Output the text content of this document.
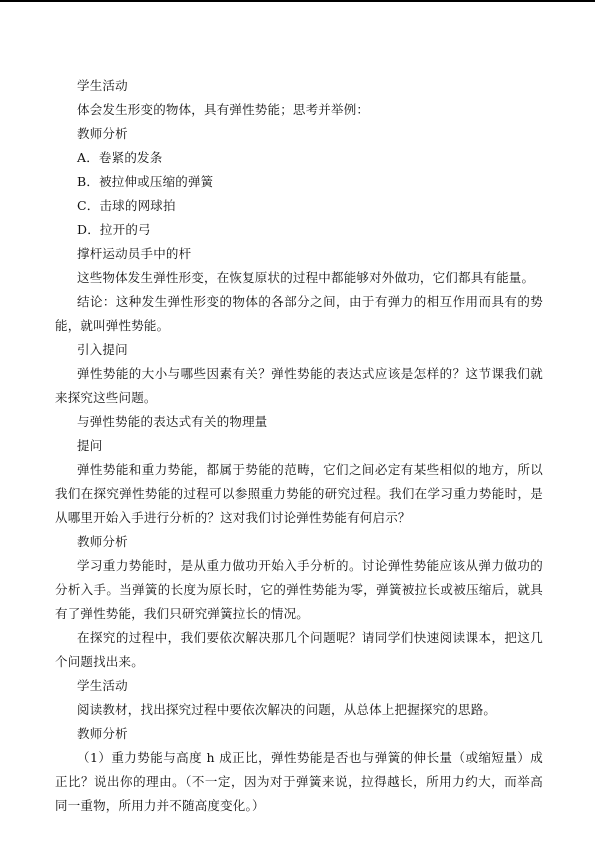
学生活动

体会发生形变的物体，具有弹性势能；思考并举例：

教师分析

A．卷紧的发条

B．被拉伸或压缩的弹簧

C．击球的网球拍

D．拉开的弓

撑杆运动员手中的杆

这些物体发生弹性形变，在恢复原状的过程中都能够对外做功，它们都具有能量。

结论：这种发生弹性形变的物体的各部分之间，由于有弹力的相互作用而具有的势能，就叫弹性势能。

引入提问

弹性势能的大小与哪些因素有关？弹性势能的表达式应该是怎样的？这节课我们就来探究这些问题。

与弹性势能的表达式有关的物理量

提问

弹性势能和重力势能，都属于势能的范畴，它们之间必定有某些相似的地方，所以我们在探究弹性势能的过程可以参照重力势能的研究过程。我们在学习重力势能时，是从哪里开始入手进行分析的？这对我们讨论弹性势能有何启示？

教师分析

学习重力势能时，是从重力做功开始入手分析的。讨论弹性势能应该从弹力做功的分析入手。当弹簧的长度为原长时，它的弹性势能为零，弹簧被拉长或被压缩后，就具有了弹性势能，我们只研究弹簧拉长的情况。

在探究的过程中，我们要依次解决那几个问题呢？请同学们快速阅读课本，把这几个问题找出来。

学生活动

阅读教材，找出探究过程中要依次解决的问题，从总体上把握探究的思路。

教师分析

（1）重力势能与高度 h 成正比，弹性势能是否也与弹簧的伸长量（或缩短量）成正比？说出你的理由。（不一定，因为对于弹簧来说，拉得越长，所用力约大，而举高同一重物，所用力并不随高度变化。）
